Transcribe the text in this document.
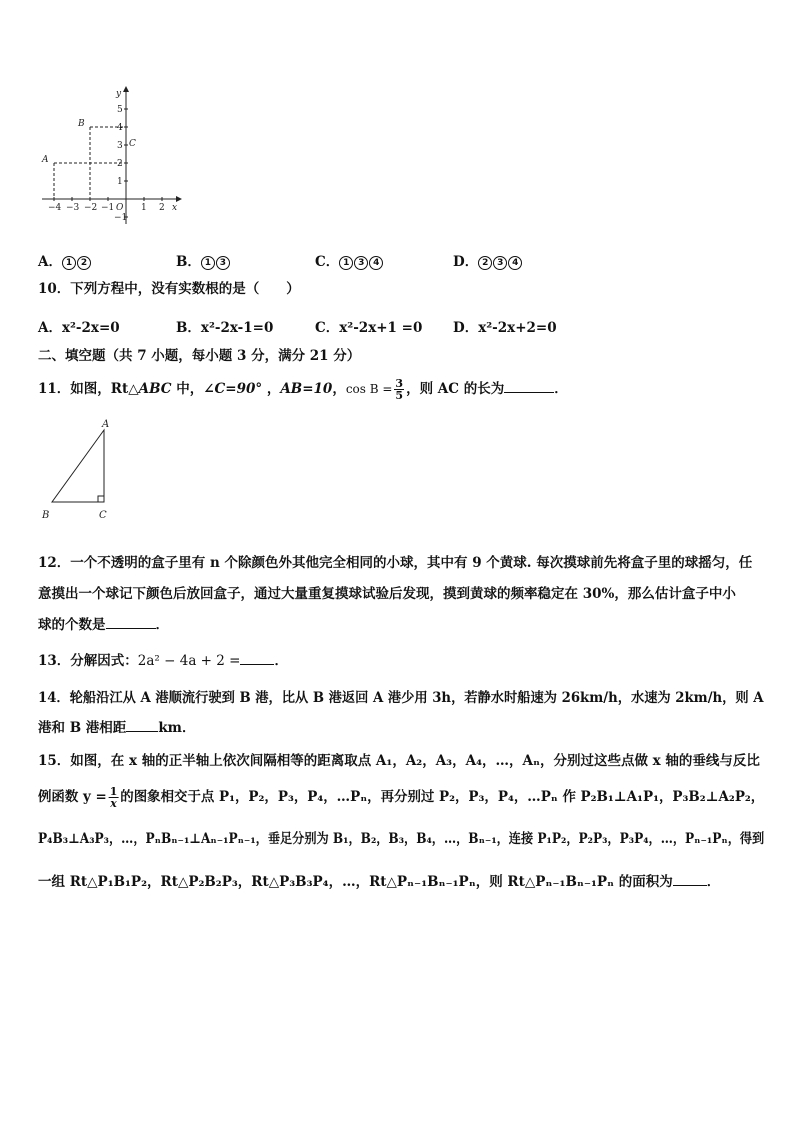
−4 −3 −2 −1	1 2
5
4
3
2
1
−1
O	x
y
A
B
C
A． 1 2	B． 1 3	C． 1 3 4	D． 2 3 4
10．下列方程中，没有实数根的是（　　）
A．x²-2x=0	B．x²-2x-1=0	C．x²-2x+1 =0 D．x²-2x+2=0
二、填空题（共 7 小题，每小题 3 分，满分 21 分）
11．如图，Rt△ABC 中，∠C=90° ，AB=10，$\cos B = \frac{3}{5}$ ，则 AC 的长为	．
A
B	C
12．一个不透明的盒子里有 n 个除颜色外其他完全相同的小球，其中有 9 个黄球. 每次摸球前先将盒子里的球摇匀，任
意摸出一个球记下颜色后放回盒子，通过大量重复摸球试验后发现，摸到黄球的频率稳定在 30%，那么估计盒子中小
球的个数是	．
13．分解因式：2a² − 4a + 2 =	．
14．轮船沿江从 A 港顺流行驶到 B 港，比从 B 港返回 A 港少用 3h，若静水时船速为 26km/h，水速为 2km/h，则 A
港和 B 港相距 km．
15．如图，在 x 轴的正半轴上依次间隔相等的距离取点 A₁，A₂，A₃，A₄，…，Aₙ，分别过这些点做 x 轴的垂线与反比
例函数 $y = \frac{1}{x}$ 的图象相交于点 P₁，P₂，P₃，P₄，…Pₙ，再分别过 P₂，P₃，P₄，…Pₙ 作 P₂B₁⊥A₁P₁，P₃B₂⊥A₂P₂，
P₄B₃⊥A₃P₃，…，PₙBₙ₋₁⊥Aₙ₋₁Pₙ₋₁，垂足分别为 B₁，B₂，B₃，B₄，…，Bₙ₋₁，连接 P₁P₂，P₂P₃，P₃P₄，…，Pₙ₋₁Pₙ，得到
一组 Rt△P₁B₁P₂，Rt△P₂B₂P₃，Rt△P₃B₃P₄，…，Rt△Pₙ₋₁Bₙ₋₁Pₙ，则 Rt△Pₙ₋₁Bₙ₋₁Pₙ 的面积为	．
